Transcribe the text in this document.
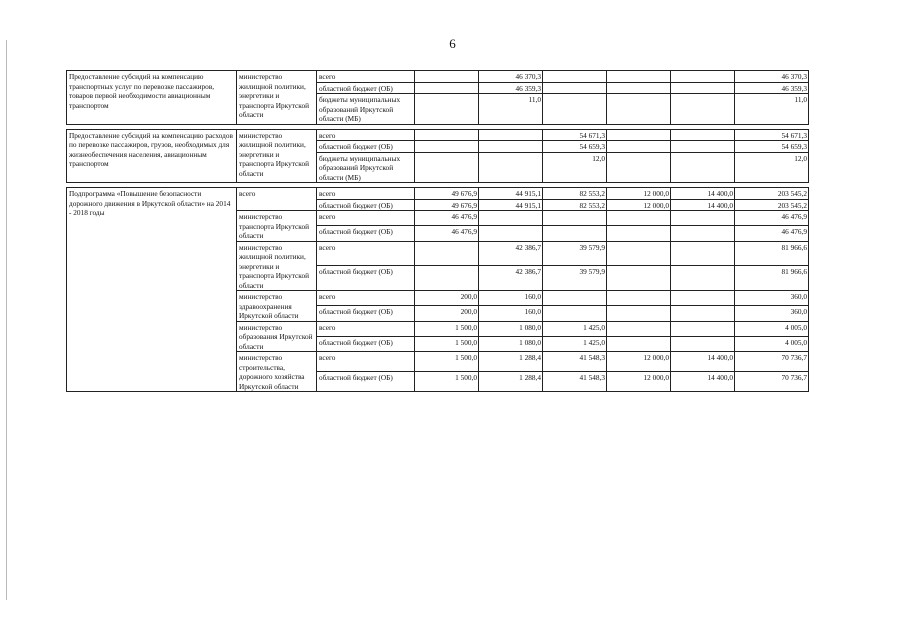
6
Предоставление субсидий на компенсацию транспортных услуг по перевозке пассажиров, товаров первой необходимости авиационным транспортом	министерство жилищной политики, энергетики и транспорта Иркутской области	всего		46 370,3				46 370,3
		областной бюджет (ОБ)		46 359,3				46 359,3
		бюджеты муниципальных образований Иркутской области (МБ)		11,0				11,0

Предоставление субсидий на компенсацию расходов по перевозке пассажиров, грузов, необходимых для жизнеобеспечения населения, авиационным транспортом	министерство жилищной политики, энергетики и транспорта Иркутской области	всего			54 671,3			54 671,3
		областной бюджет (ОБ)			54 659,3			54 659,3
		бюджеты муниципальных образований Иркутской области (МБ)			12,0			12,0

Подпрограмма «Повышение безопасности дорожного движения в Иркутской области» на 2014 - 2018 годы	всего	всего	49 676,9	44 915,1	82 553,2	12 000,0	14 400,0	203 545,2
		областной бюджет (ОБ)	49 676,9	44 915,1	82 553,2	12 000,0	14 400,0	203 545,2
	министерство транспорта Иркутской области	всего	46 476,9					46 476,9
		областной бюджет (ОБ)	46 476,9					46 476,9
	министерство жилищной политики, энергетики и транспорта Иркутской области	всего		42 386,7	39 579,9			81 966,6
		областной бюджет (ОБ)		42 386,7	39 579,9			81 966,6
	министерство здравоохранения Иркутской области	всего	200,0	160,0				360,0
		областной бюджет (ОБ)	200,0	160,0				360,0
	министерство образования Иркутской области	всего	1 500,0	1 080,0	1 425,0			4 005,0
		областной бюджет (ОБ)	1 500,0	1 080,0	1 425,0			4 005,0
	министерство строительства, дорожного хозяйства Иркутской области	всего	1 500,0	1 288,4	41 548,3	12 000,0	14 400,0	70 736,7
		областной бюджет (ОБ)	1 500,0	1 288,4	41 548,3	12 000,0	14 400,0	70 736,7
